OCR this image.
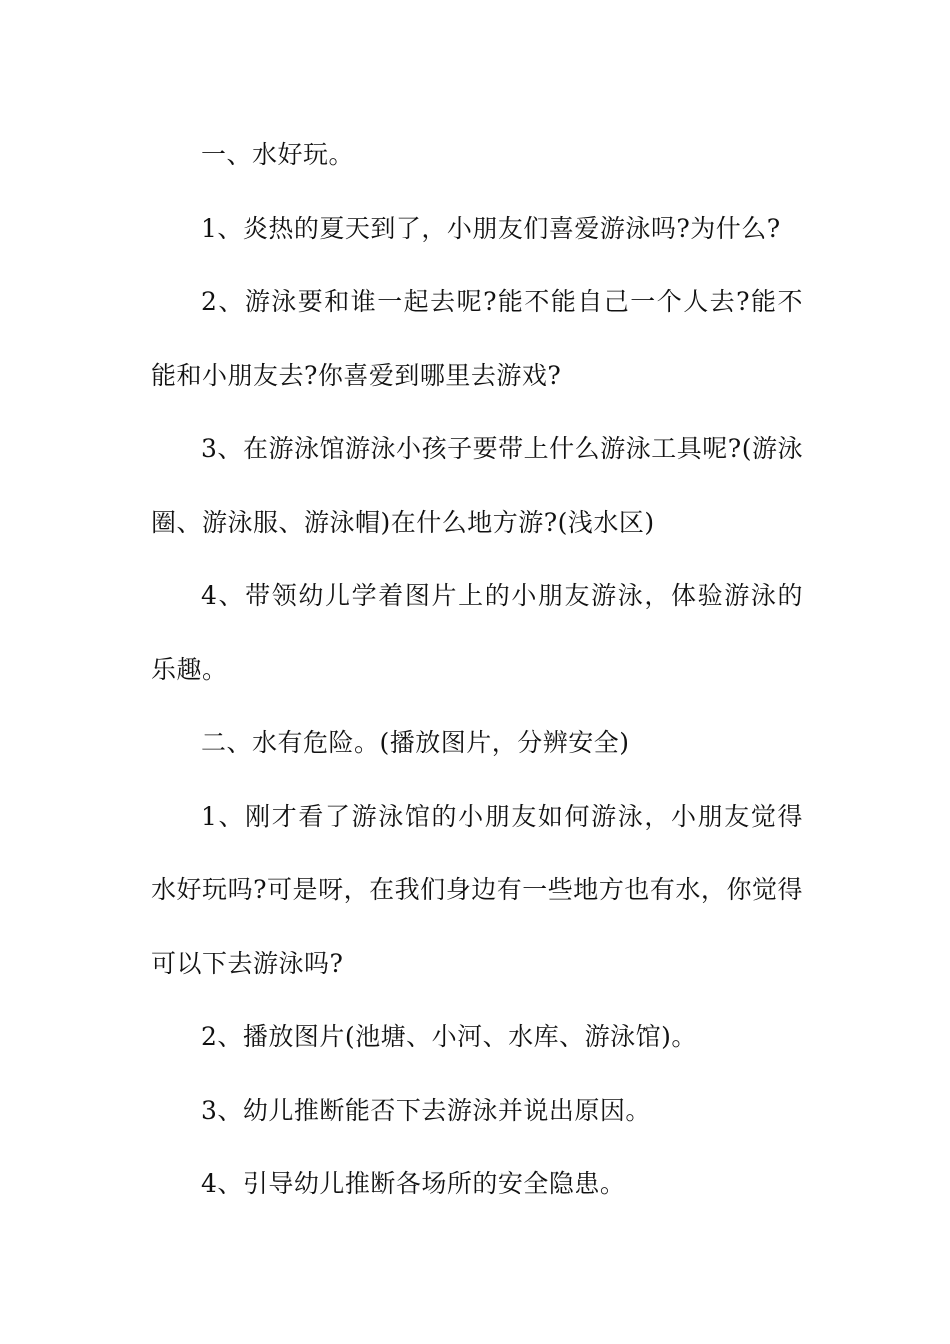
一、水好玩。

1、炎热的夏天到了，小朋友们喜爱游泳吗?为什么?

2、游泳要和谁一起去呢?能不能自己一个人去?能不能和小朋友去?你喜爱到哪里去游戏?

3、在游泳馆游泳小孩子要带上什么游泳工具呢?(游泳圈、游泳服、游泳帽)在什么地方游?(浅水区)

4、带领幼儿学着图片上的小朋友游泳，体验游泳的乐趣。

二、水有危险。(播放图片，分辨安全)

1、刚才看了游泳馆的小朋友如何游泳，小朋友觉得水好玩吗?可是呀，在我们身边有一些地方也有水，你觉得可以下去游泳吗?

2、播放图片(池塘、小河、水库、游泳馆)。

3、幼儿推断能否下去游泳并说出原因。

4、引导幼儿推断各场所的安全隐患。
